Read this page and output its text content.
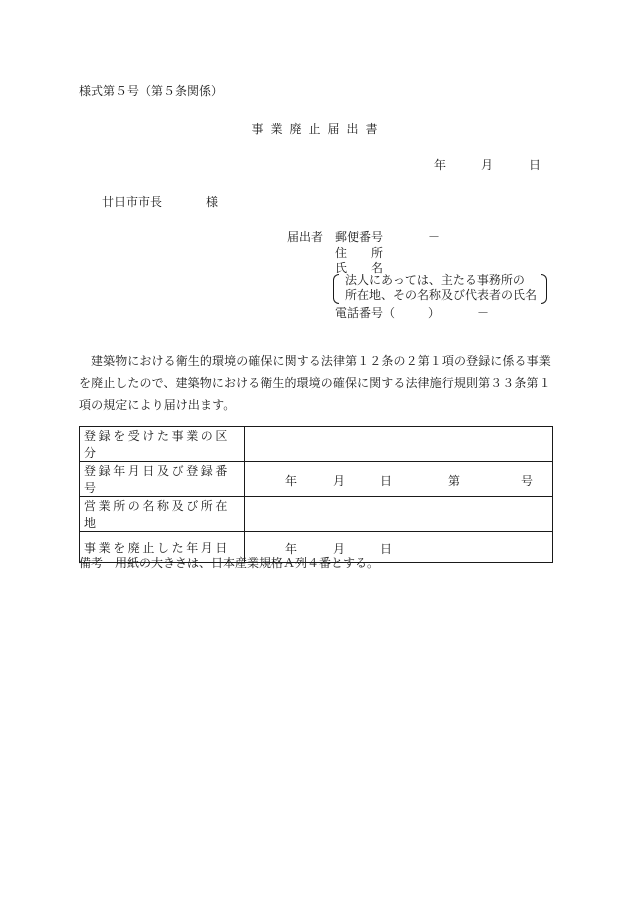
様式第５号（第５条関係）
事業廃止届出書
年	月	日
廿日市市長	様
届出者 郵便番号	－
住　　所
氏　　名
法人にあっては、主たる事務所の
所在地、その名称及び代表者の氏名
電話番号（	）	－
建築物における衛生的環境の確保に関する法律第１２条の２第１項の登録に係る事業を廃止したので、建築物における衛生的環境の確保に関する法律施行規則第３３条第１項の規定により届け出ます。
登録を受けた事業の区分	
登録年月日及び登録番号	年 月 日 第 号

営業所の名称及び所在地	
事業を廃止した年月日	年 月 日
備考　用紙の大きさは、日本産業規格Ａ列４番とする。
